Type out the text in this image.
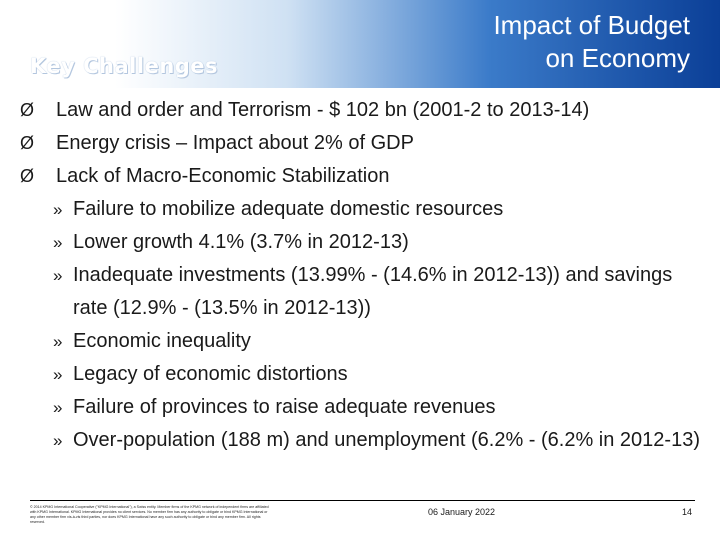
Key Challenges
Impact of Budget
on Economy
Ø Law and order and Terrorism - $ 102 bn (2001-2 to 2013-14)
Ø Energy crisis – Impact about 2% of GDP
Ø Lack of Macro-Economic Stabilization
» Failure to mobilize adequate domestic resources
» Lower growth 4.1% (3.7% in 2012-13)
» Inadequate investments (13.99% - (14.6% in 2012-13)) and savings rate (12.9% - (13.5% in 2012-13))
» Economic inequality
» Legacy of economic distortions
» Failure of provinces to raise adequate revenues
» Over-population (188 m) and unemployment (6.2% - (6.2% in 2012-13)
© 2014 KPMG International Cooperative ("KPMG International"), a Swiss entity. Member firms of the KPMG network of independent firms are affiliated with KPMG International. KPMG International provides no client services. No member firm has any authority to obligate or bind KPMG International or any other member firm vis-à-vis third parties, nor does KPMG International have any such authority to obligate or bind any member firm. All rights reserved.
06 January 2022	14
